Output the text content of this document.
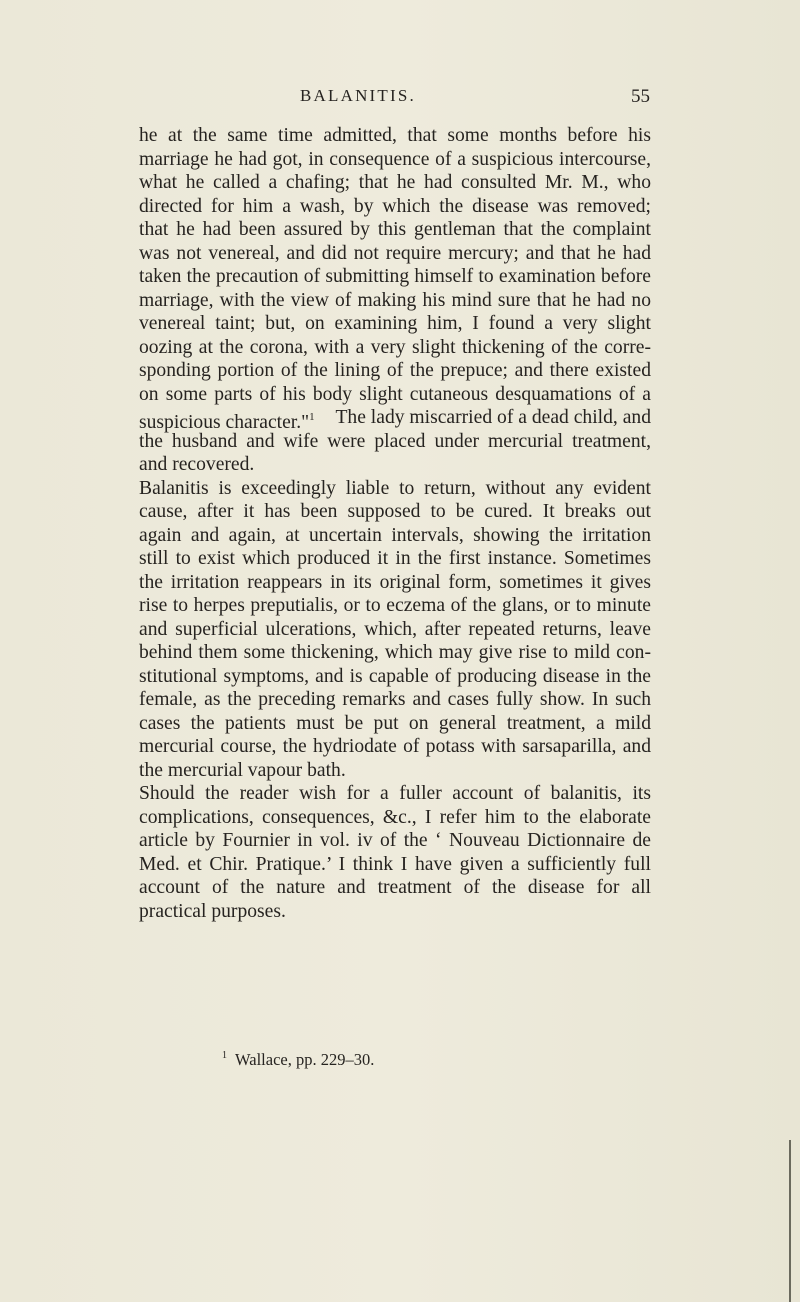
BALANITIS.	55
he at the same time admitted, that some months before his
marriage he had got, in consequence of a suspicious intercourse,
what he called a chafing; that he had consulted Mr. M., who
directed for him a wash, by which the disease was removed;
that he had been assured by this gentleman that the complaint
was not venereal, and did not require mercury; and that he had
taken the precaution of submitting himself to examination before
marriage, with the view of making his mind sure that he had no
venereal taint; but, on examining him, I found a very slight
oozing at the corona, with a very slight thickening of the corre-
sponding portion of the lining of the prepuce; and there existed
on some parts of his body slight cutaneous desquamations of a
suspicious character."$^1$ The lady miscarried of a dead child, and
the husband and wife were placed under mercurial treatment,
and recovered.
Balanitis is exceedingly liable to return, without any evident
cause, after it has been supposed to be cured. It breaks out
again and again, at uncertain intervals, showing the irritation
still to exist which produced it in the first instance. Sometimes
the irritation reappears in its original form, sometimes it gives
rise to herpes preputialis, or to eczema of the glans, or to minute
and superficial ulcerations, which, after repeated returns, leave
behind them some thickening, which may give rise to mild con-
stitutional symptoms, and is capable of producing disease in the
female, as the preceding remarks and cases fully show. In such
cases the patients must be put on general treatment, a mild
mercurial course, the hydriodate of potass with sarsaparilla, and
the mercurial vapour bath.
Should the reader wish for a fuller account of balanitis, its
complications, consequences, &c., I refer him to the elaborate
article by Fournier in vol. iv of the ‘ Nouveau Dictionnaire de
Med. et Chir. Pratique.’ I think I have given a sufficiently full
account of the nature and treatment of the disease for all
practical purposes.
$^1$ Wallace, pp. 229–30.
